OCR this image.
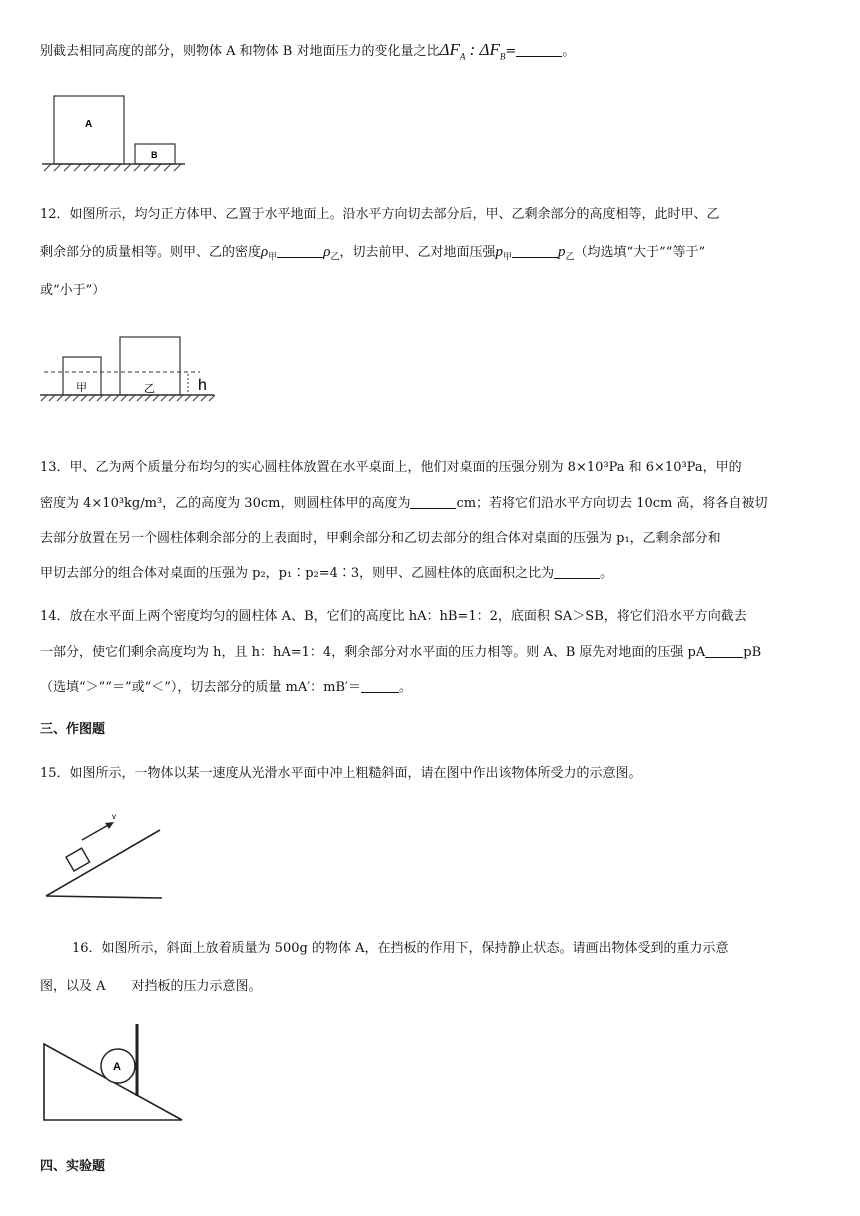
别截去相同高度的部分，则物体 A 和物体 B 对地面压力的变化量之比$\Delta F_A$ : $\Delta F_B=$	。
A
B
12．如图所示，均匀正方体甲、乙置于水平地面上。沿水平方向切去部分后，甲、乙剩余部分的高度相等，此时甲、乙
剩余部分的质量相等。则甲、乙的密度$\rho_甲$	$\rho_乙$，切去前甲、乙对地面压强$p_甲$	$p_乙$（均选填“大于”“等于”
或“小于”）
甲	乙	h
13．甲、乙为两个质量分布均匀的实心圆柱体放置在水平桌面上，他们对桌面的压强分别为 8×10³Pa 和 6×10³Pa，甲的
密度为 4×10³kg/m³，乙的高度为 30cm，则圆柱体甲的高度为	cm；若将它们沿水平方向切去 10cm 高，将各自被切
去部分放置在另一个圆柱体剩余部分的上表面时，甲剩余部分和乙切去部分的组合体对桌面的压强为 p₁，乙剩余部分和
甲切去部分的组合体对桌面的压强为 p₂，p₁∶p₂=4∶3，则甲、乙圆柱体的底面积之比为	。
14．放在水平面上两个密度均匀的圆柱体 A、B，它们的高度比 hA：hB=1：2，底面积 SA＞SB，将它们沿水平方向截去
一部分，使它们剩余高度均为 h，且 h：hA=1：4，剩余部分对水平面的压力相等。则 A、B 原先对地面的压强 pA	pB
（选填“＞”“＝”或“＜”），切去部分的质量 mA′：mB′＝	。
三、作图题
15．如图所示，一物体以某一速度从光滑水平面中冲上粗糙斜面，请在图中作出该物体所受力的示意图。
v
16．如图所示，斜面上放着质量为 500g 的物体 A，在挡板的作用下，保持静止状态。请画出物体受到的重力示意
图，以及 A　　对挡板的压力示意图。
A
四、实验题
